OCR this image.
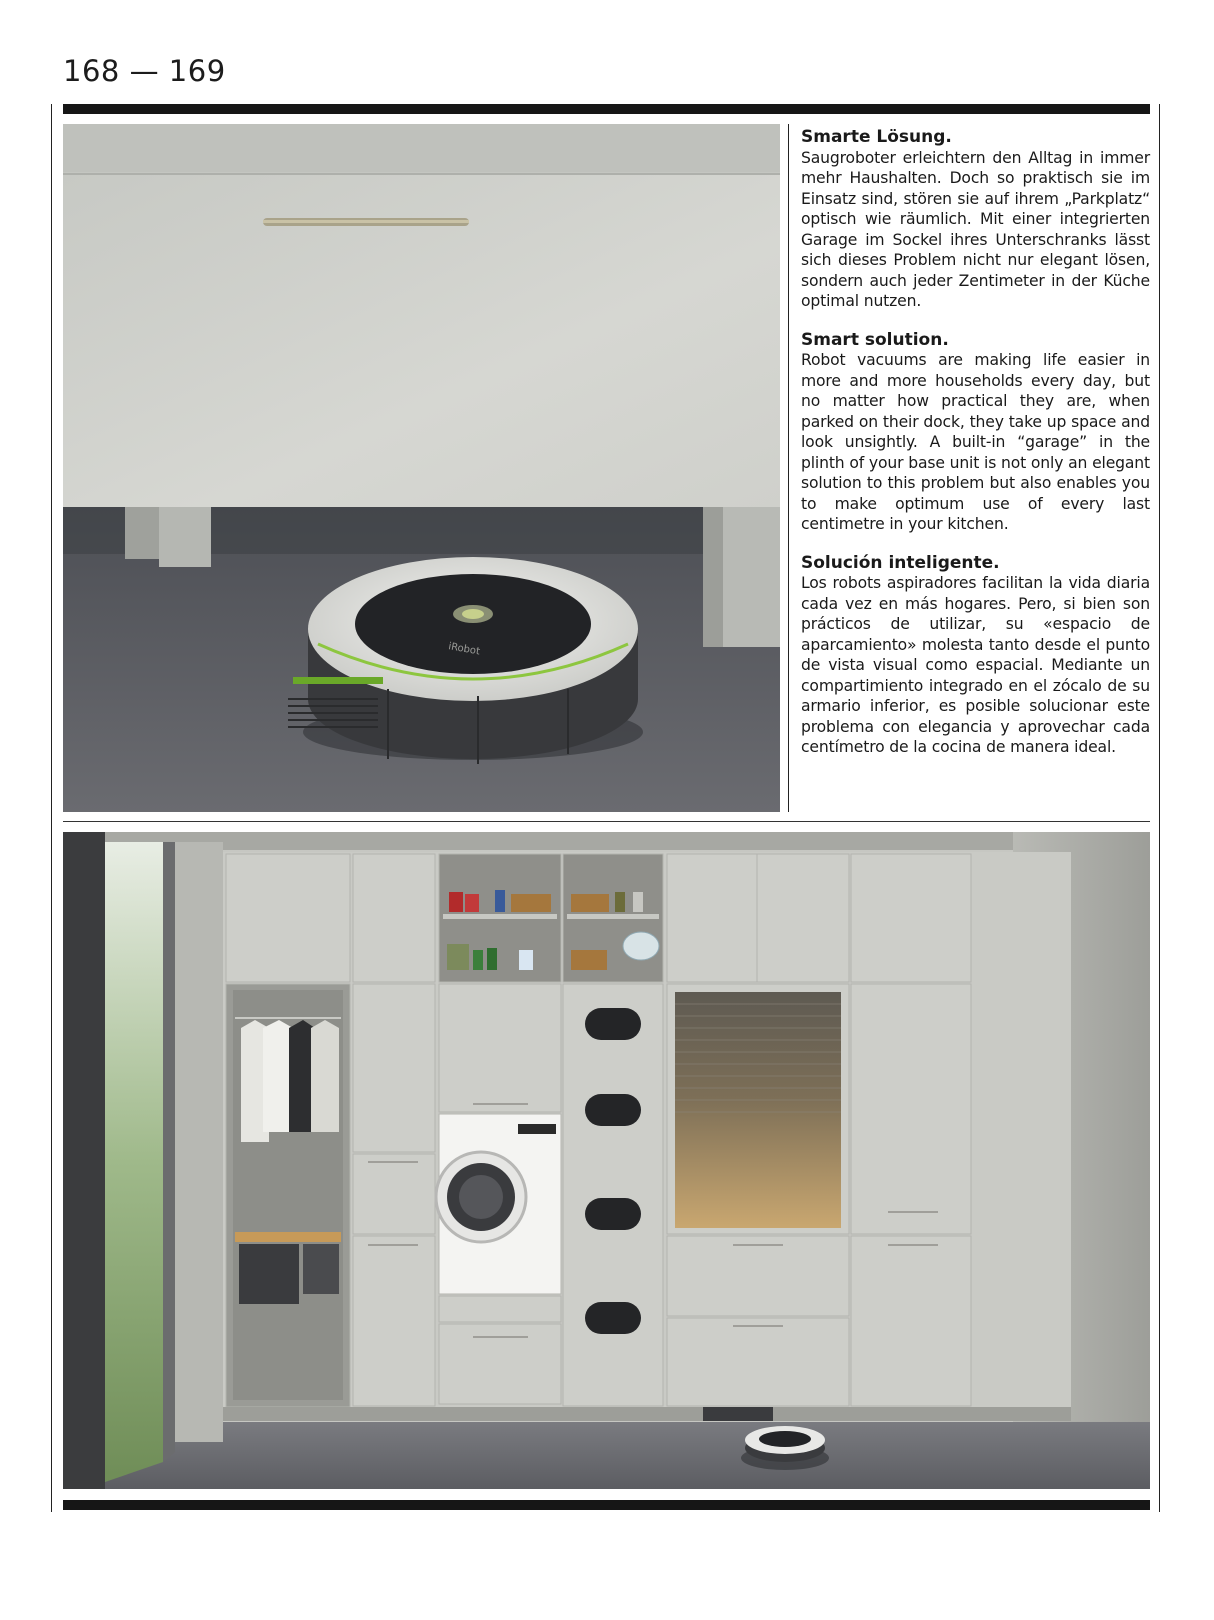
168 — 169
iRobot
Smarte Lösung.

Saugroboter erleichtern den Alltag in immer mehr Haushalten. Doch so praktisch sie im Einsatz sind, stören sie auf ihrem „Parkplatz“ optisch wie räumlich. Mit einer integrierten Garage im Sockel ihres Unterschranks lässt sich dieses Problem nicht nur elegant lösen, sondern auch jeder Zentimeter in der Küche optimal nutzen.

Smart solution.

Robot vacuums are making life easier in more and more households every day, but no matter how practical they are, when parked on their dock, they take up space and look unsightly. A built-in “garage” in the plinth of your base unit is not only an elegant solution to this problem but also enables you to make optimum use of every last centimetre in your kitchen.

Solución inteligente.

Los robots aspiradores facilitan la vida diaria cada vez en más hogares. Pero, si bien son prácticos de utilizar, su «espacio de aparcamiento» molesta tanto desde el punto de vista visual como espacial. Mediante un compartimiento integrado en el zócalo de su armario inferior, es posible solucionar este problema con elegancia y aprovechar cada centímetro de la cocina de manera ideal.
